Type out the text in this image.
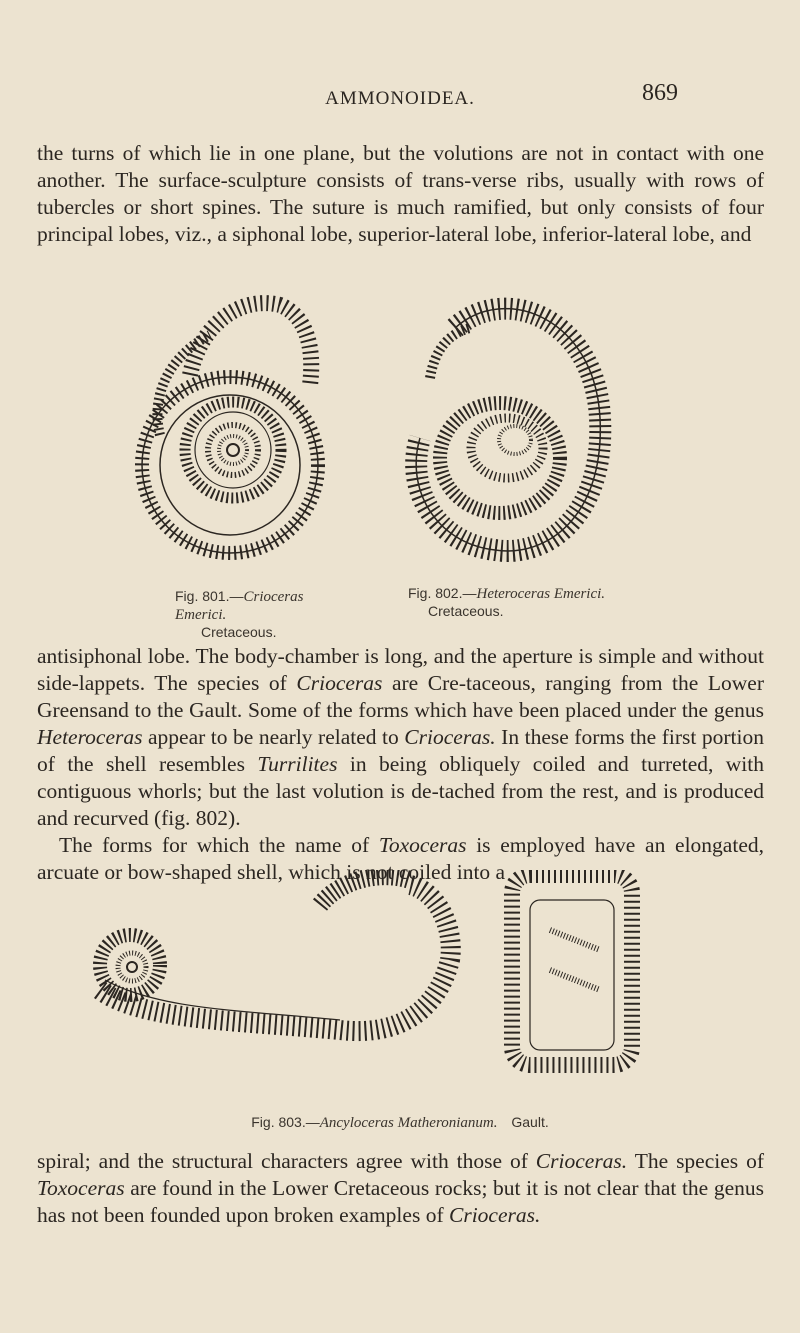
AMMONOIDEA.	869

the turns of which lie in one plane, but the volutions are not in contact with one another. The surface-sculpture consists of trans-verse ribs, usually with rows of tubercles or short spines. The suture is much ramified, but only consists of four principal lobes, viz., a siphonal lobe, superior-lateral lobe, inferior-lateral lobe, and

Fig. 801.—Crioceras Emerici.
Cretaceous.
Fig. 802.—Heteroceras Emerici.
Cretaceous.

antisiphonal lobe. The body-chamber is long, and the aperture is simple and without side-lappets. The species of Crioceras are Cre-taceous, ranging from the Lower Greensand to the Gault. Some of the forms which have been placed under the genus Heteroceras appear to be nearly related to Crioceras. In these forms the first portion of the shell resembles Turrilites in being obliquely coiled and turreted, with contiguous whorls; but the last volution is de-tached from the rest, and is produced and recurved (fig. 802).

The forms for which the name of Toxoceras is employed have an elongated, arcuate or bow-shaped shell, which is not coiled into a

Fig. 803.—Ancyloceras Matheronianum. Gault.

spiral; and the structural characters agree with those of Crioceras. The species of Toxoceras are found in the Lower Cretaceous rocks; but it is not clear that the genus has not been founded upon broken examples of Crioceras.
